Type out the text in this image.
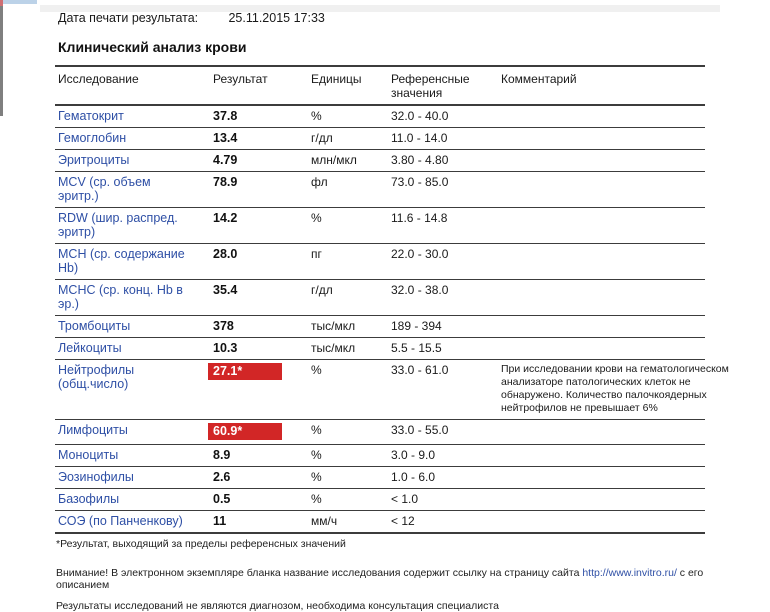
Дата печати результата: 25.11.2015 17:33
Клинический анализ крови
Исследование	Результат	Единицы	Референсные значения	Комментарий
Гематокрит	37.8	%	32.0 - 40.0	

Гемоглобин	13.4	г/дл	11.0 - 14.0	

Эритроциты	4.79	млн/мкл	3.80 - 4.80	

MCV (ср. объем эритр.)	78.9	фл	73.0 - 85.0	

RDW (шир. распред. эритр)	14.2	%	11.6 - 14.8	

MCH (ср. содержание Hb)	28.0	пг	22.0 - 30.0	

MCHC (ср. конц. Hb в эр.)	35.4	г/дл	32.0 - 38.0	

Тромбоциты	378	тыс/мкл	189 - 394	

Лейкоциты	10.3	тыс/мкл	5.5 - 15.5	

Нейтрофилы (общ.число)	27.1*	%	33.0 - 61.0	При исследовании крови на гематологическом анализаторе патологических клеток не обнаружено. Количество палочкоядерных нейтрофилов не превышает 6%

Лимфоциты	60.9*	%	33.0 - 55.0	

Моноциты	8.9	%	3.0 - 9.0	

Эозинофилы	2.6	%	1.0 - 6.0	

Базофилы	0.5	%	< 1.0	

СОЭ (по Панченкову)	11	мм/ч	< 12	
*Результат, выходящий за пределы референсных значений
Внимание! В электронном экземпляре бланка название исследования содержит ссылку на страницу сайта http://www.invitro.ru/ с его описанием
Результаты исследований не являются диагнозом, необходима консультация специалиста
